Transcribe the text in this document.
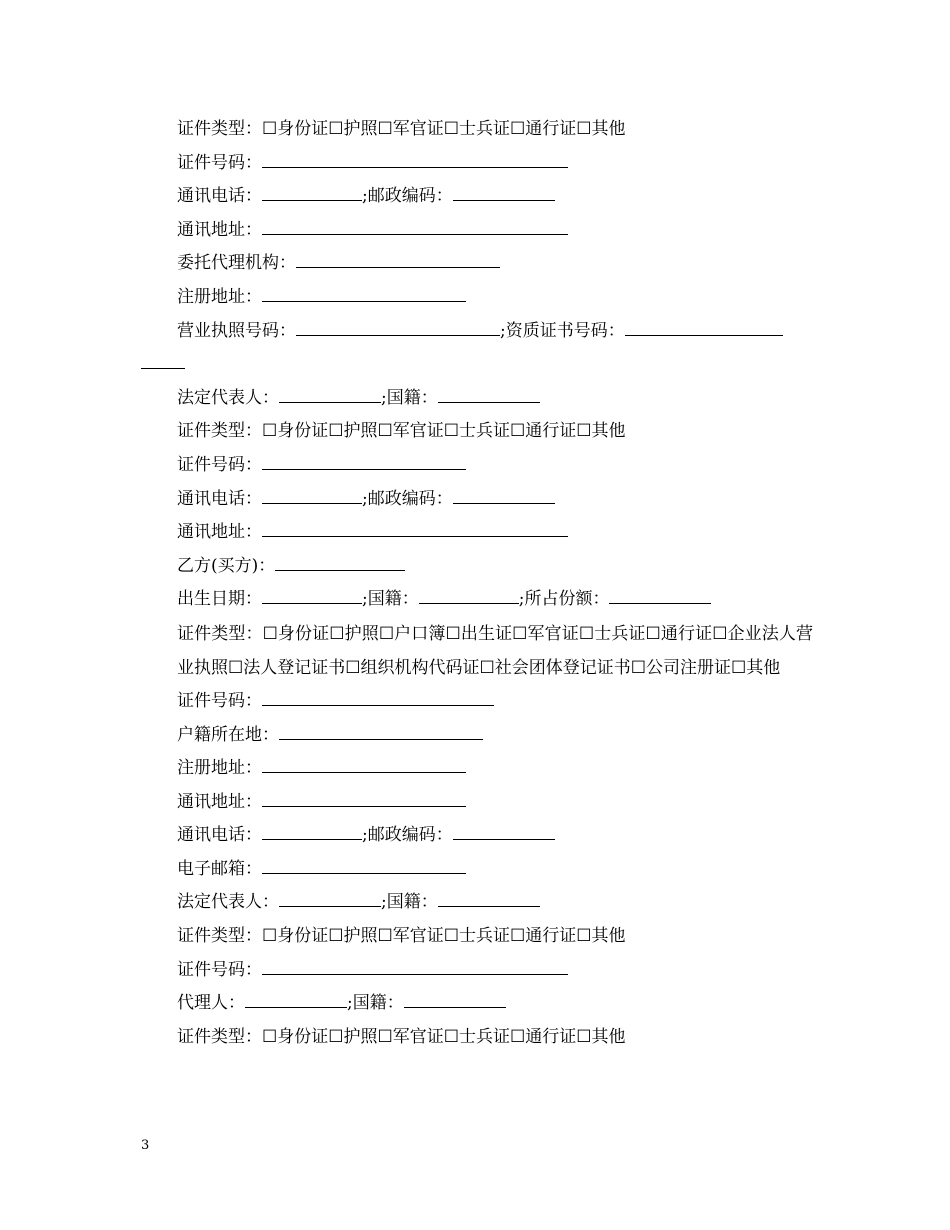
证件类型：☐身份证☐护照☐军官证☐士兵证☐通行证☐其他
证件号码：
通讯电话：	;邮政编码：
通讯地址：
委托代理机构：
注册地址：
营业执照号码：	;资质证书号码：
法定代表人：	;国籍：
证件类型：☐身份证☐护照☐军官证☐士兵证☐通行证☐其他
证件号码：
通讯电话：	;邮政编码：
通讯地址：
乙方(买方)：
出生日期：	;国籍：	;所占份额：
证件类型：☐身份证☐护照☐户口簿☐出生证☐军官证☐士兵证☐通行证☐企业法人营业执照☐法人登记证书☐组织机构代码证☐社会团体登记证书☐公司注册证☐其他
证件号码：
户籍所在地：
注册地址：
通讯地址：
通讯电话：	;邮政编码：
电子邮箱：
法定代表人：	;国籍：
证件类型：☐身份证☐护照☐军官证☐士兵证☐通行证☐其他
证件号码：
代理人：	;国籍：
证件类型：☐身份证☐护照☐军官证☐士兵证☐通行证☐其他
3
